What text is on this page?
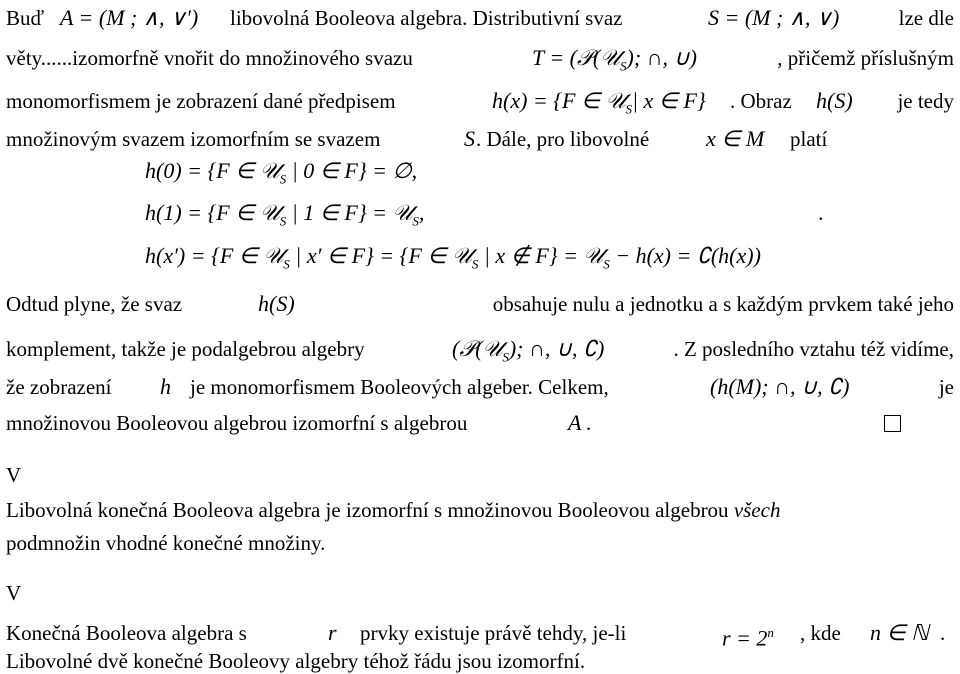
Buď A = (M ; ∧, ∨′) libovolná Booleova algebra. Distributivní svaz	S = (M ; ∧, ∨)	lze dle
věty......izomorfně vnořit do množinového svazu	T = (𝒫(𝒰$_S$); ∩, ∪)	, přičemž příslušným
monomorfismem je zobrazení dané předpisem	h(x) = {F ∈ 𝒰$_S$| x ∈ F} . Obraz h(S) je tedy
množinovým svazem izomorfním se svazem	S . Dále, pro libovolné	x ∈ M platí
h(0) = {F ∈ 𝒰$_S$ | 0 ∈ F} = ∅,
h(1) = {F ∈ 𝒰$_S$ | 1 ∈ F} = 𝒰$_S$,	.
h(x′) = {F ∈ 𝒰$_S$ | x′ ∈ F} = {F ∈ 𝒰$_S$ | x ∉ F} = 𝒰$_S$ − h(x) = ∁(h(x))
Odtud plyne, že svaz	h(S)	obsahuje nulu a jednotku a s každým prvkem také jeho
komplement, takže je podalgebrou algebry	(𝒫(𝒰$_S$); ∩, ∪, ∁)	. Z posledního vztahu též vidíme,
že zobrazení h je monomorfismem Booleových algeber. Celkem,	(h(M); ∩, ∪, ∁)	je
množinovou Booleovou algebrou izomorfní s algebrou	A .
V
Libovolná konečná Booleova algebra je izomorfní s množinovou Booleovou algebrou všech
podmnožin vhodné konečné množiny.
V
Konečná Booleova algebra s	r prvky existuje právě tehdy, je-li	$r = 2^n$ , kde n ∈ ℕ .
Libovolné dvě konečné Booleovy algebry téhož řádu jsou izomorfní.
